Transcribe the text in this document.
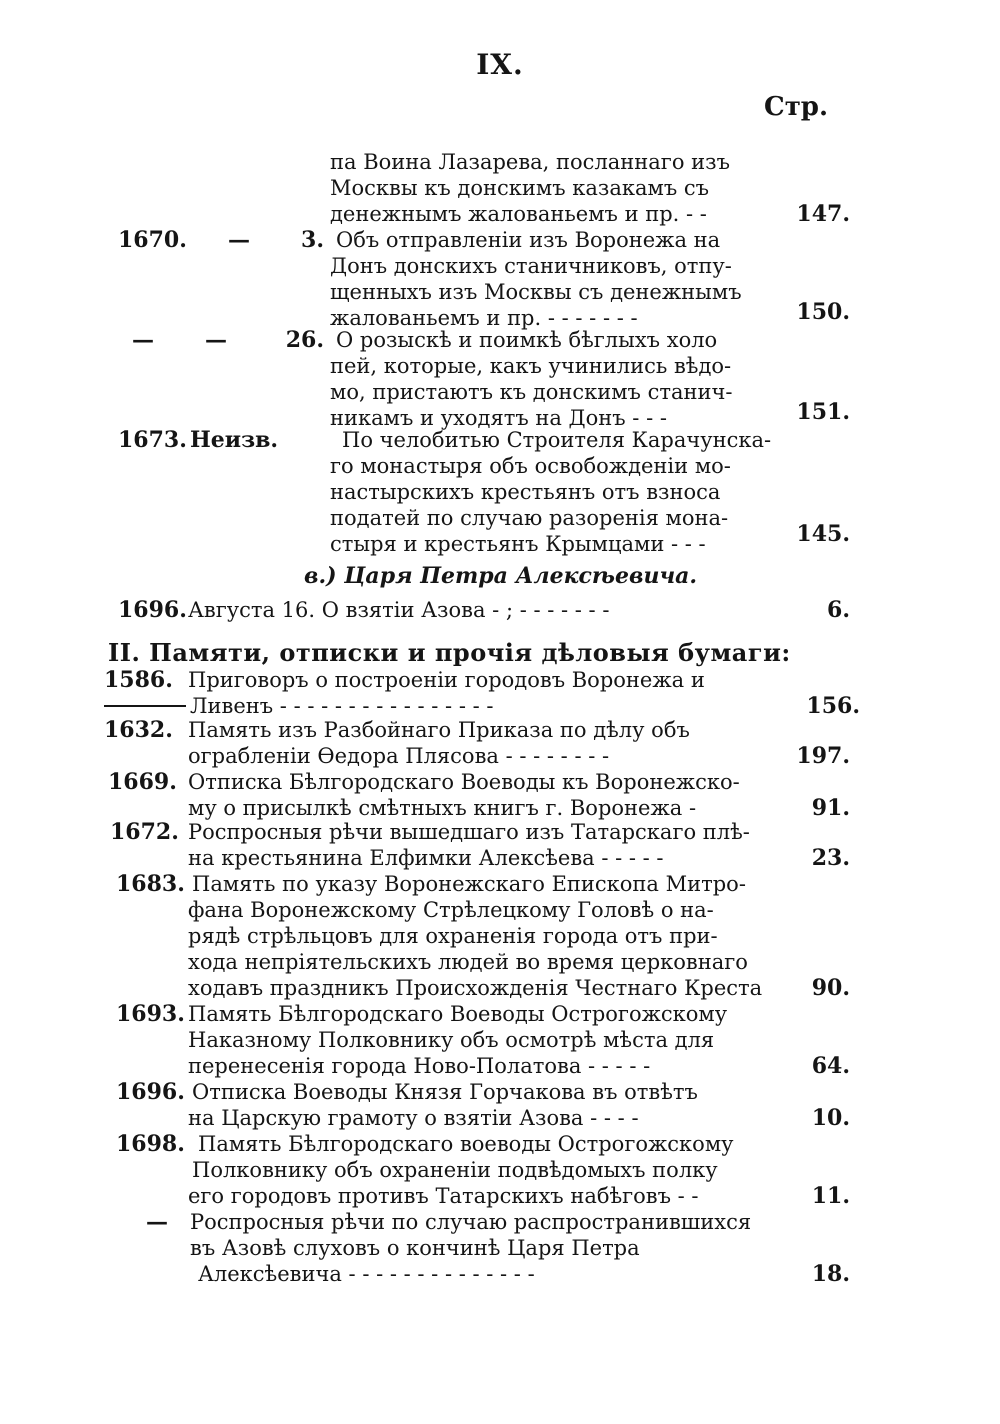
IX.
Стр.
па Воина Лазарева, посланнаго изъ
Москвы къ донскимъ казакамъ съ
денежнымъ жалованьемъ и пр. - -	147.
1670. —	3. Объ отправленіи изъ Воронежа на
Донъ донскихъ станичниковъ, отпу-
щенныхъ изъ Москвы съ денежнымъ
жалованьемъ и пр. - - - - - - -	150.
— —	26. О розыскѣ и поимкѣ бѣглыхъ холо
пей, которые, какъ учинились вѣдо-
мо, пристаютъ къ донскимъ станич-
никамъ и уходятъ на Донъ - - -	151.
1673. Неизв.	По челобитью Строителя Карачунска-
го монастыря объ освобожденіи мо-
настырскихъ крестьянъ отъ взноса
податей по случаю разоренія мона-
стыря и крестьянъ Крымцами - - -	145.
в.) Царя Петра Алексѣевича.
1696. Августа 16. О взятіи Азова - ; - - - - - - -	6.
II. Памяти, отписки и прочія дѣловыя бумаги:
1586. Приговоръ о построеніи городовъ Воронежа и
Ливенъ - - - - - - - - - - - - - - - -	156.
1632. Память изъ Разбойнаго Приказа по дѣлу объ
ограбленіи Өедора Плясова - - - - - - - -	197.
1669. Отписка Бѣлгородскаго Воеводы къ Воронежско-
му о присылкѣ смѣтныхъ книгъ г. Воронежа -	91.
1672. Роспросныя рѣчи вышедшаго изъ Татарскаго плѣ-
на крестьянина Елфимки Алексѣева - - - - -	23.
1683. Память по указу Воронежскаго Епископа Митро-
фана Воронежскому Стрѣлецкому Головѣ о на-
рядѣ стрѣльцовъ для охраненія города отъ при-
хода непріятельскихъ людей во время церковнаго
ходавъ праздникъ Происхожденія Честнаго Креста	90.
1693. Память Бѣлгородскаго Воеводы Острогожскому
Наказному Полковнику объ осмотрѣ мѣста для
перенесенія города Ново-Полатова - - - - -	64.
1696. Отписка Воеводы Князя Горчакова въ отвѣтъ
на Царскую грамоту о взятіи Азова - - - -	10.
1698. Память Бѣлгородскаго воеводы Острогожскому
Полковнику объ охраненіи подвѣдомыхъ полку
его городовъ противъ Татарскихъ набѣговъ - -	11.
— Роспросныя рѣчи по случаю распространившихся
въ Азовѣ слуховъ о кончинѣ Царя Петра
Алексѣевича - - - - - - - - - - - - - -	18.
